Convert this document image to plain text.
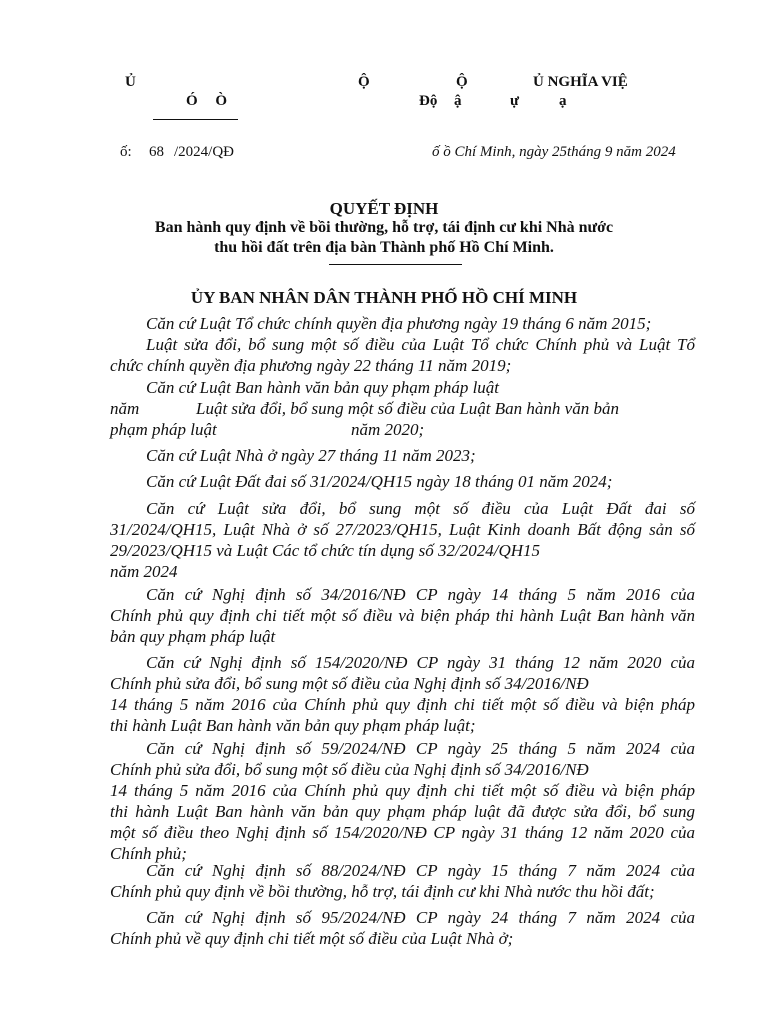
Ủ
Ó Ò
Ộ	Ộ	Ủ NGHĨA VIỆ
Độ ậ	ự	ạ
ố: 68 /2024/QĐ	ố ồ Chí Minh, ngày 25tháng 9 năm 2024
QUYẾT ĐỊNH
Ban hành quy định về bồi thường, hỗ trợ, tái định cư khi Nhà nước
thu hồi đất trên địa bàn Thành phố Hồ Chí Minh.
ỦY BAN NHÂN DÂN THÀNH PHỐ HỒ CHÍ MINH
Căn cứ Luật Tổ chức chính quyền địa phương ngày 19 tháng 6 năm 2015;
Luật sửa đổi, bổ sung một số điều của Luật Tổ chức Chính phủ và Luật Tổ
chức chính quyền địa phương ngày 22 tháng 11 năm 2019;
Căn cứ Luật Ban hành văn bản quy phạm pháp luật
năm	Luật sửa đổi, bổ sung một số điều của Luật Ban hành văn bản
phạm pháp luật	năm 2020;
Căn cứ Luật Nhà ở ngày 27 tháng 11 năm 2023;
Căn cứ Luật Đất đai số 31/2024/QH15 ngày 18 tháng 01 năm 2024;
Căn cứ Luật sửa đổi, bổ sung một số điều của Luật Đất đai số
31/2024/QH15, Luật Nhà ở số 27/2023/QH15, Luật Kinh doanh Bất động sản số
29/2023/QH15 và Luật Các tổ chức tín dụng số 32/2024/QH15
năm 2024
Căn cứ Nghị định số 34/2016/NĐ CP ngày 14 tháng 5 năm 2016 của
Chính phủ quy định chi tiết một số điều và biện pháp thi hành Luật Ban hành văn
bản quy phạm pháp luật
Căn cứ Nghị định số 154/2020/NĐ CP ngày 31 tháng 12 năm 2020 của
Chính phủ sửa đổi, bổ sung một số điều của Nghị định số 34/2016/NĐ
14 tháng 5 năm 2016 của Chính phủ quy định chi tiết một số điều và biện pháp
thi hành Luật Ban hành văn bản quy phạm pháp luật;
Căn cứ Nghị định số 59/2024/NĐ CP ngày 25 tháng 5 năm 2024 của
Chính phủ sửa đổi, bổ sung một số điều của Nghị định số 34/2016/NĐ
14 tháng 5 năm 2016 của Chính phủ quy định chi tiết một số điều và biện pháp
thi hành Luật Ban hành văn bản quy phạm pháp luật đã được sửa đổi, bổ sung
một số điều theo Nghị định số 154/2020/NĐ CP ngày 31 tháng 12 năm 2020 của
Chính phủ;
Căn cứ Nghị định số 88/2024/NĐ CP ngày 15 tháng 7 năm 2024 của
Chính phủ quy định về bồi thường, hỗ trợ, tái định cư khi Nhà nước thu hồi đất;
Căn cứ Nghị định số 95/2024/NĐ CP ngày 24 tháng 7 năm 2024 của
Chính phủ về quy định chi tiết một số điều của Luật Nhà ở;
